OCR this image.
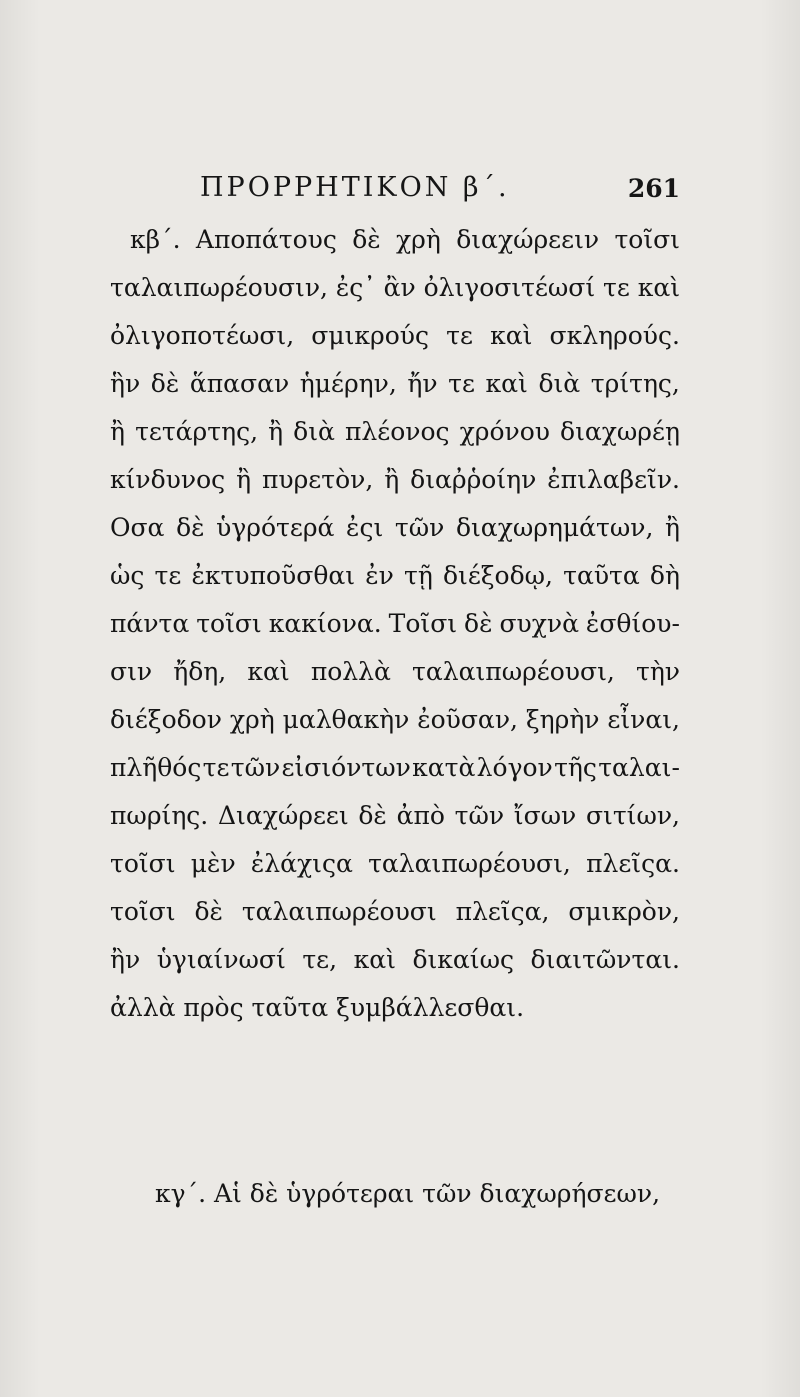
ΠΡΟΡΡΗΤΙΚΟΝ β΄.	261
κβ΄. Αποπάτους δὲ χρὴ διαχώρεειν τοῖσι
ταλαιπωρέουσιν, ἐς᾽ ἂν ὀλιγοσιτέωσί τε καὶ
ὀλιγοποτέωσι, σμικρούς τε καὶ σκληρούς.
ἣν δὲ ἅπασαν ἡμέρην, ἤν τε καὶ διὰ τρίτης,
ἢ τετάρτης, ἢ διὰ πλέονος χρόνου διαχωρέῃ
κίνδυνος ἢ πυρετὸν, ἢ διαῤῥοίην ἐπιλαβεῖν.
Οσα δὲ ὑγρότερά ἐςι τῶν διαχωρημάτων, ἢ
ὡς τε ἐκτυποῦσθαι ἐν τῇ διέξοδῳ, ταῦτα δὴ
πάντα τοῖσι κακίονα. Τοῖσι δὲ συχνὰ ἐσθίου-
σιν ἤδη, καὶ πολλὰ ταλαιπωρέουσι, τὴν
διέξοδον χρὴ μαλθακὴν ἐοῦσαν, ξηρὴν εἶναι,
πλῆθός τε τῶν εἰσιόντων κατὰ λόγον τῆς ταλαι-
πωρίης. Διαχώρεει δὲ ἀπὸ τῶν ἴσων σιτίων,
τοῖσι μὲν ἐλάχιςα ταλαιπωρέουσι, πλεῖςα.
τοῖσι δὲ ταλαιπωρέουσι πλεῖςα, σμικρὸν,
ἢν ὑγιαίνωσί τε, καὶ δικαίως διαιτῶνται.
ἀλλὰ πρὸς ταῦτα ξυμβάλλεσθαι.
κγ΄. Αἱ δὲ ὑγρότεραι τῶν διαχωρήσεων,
